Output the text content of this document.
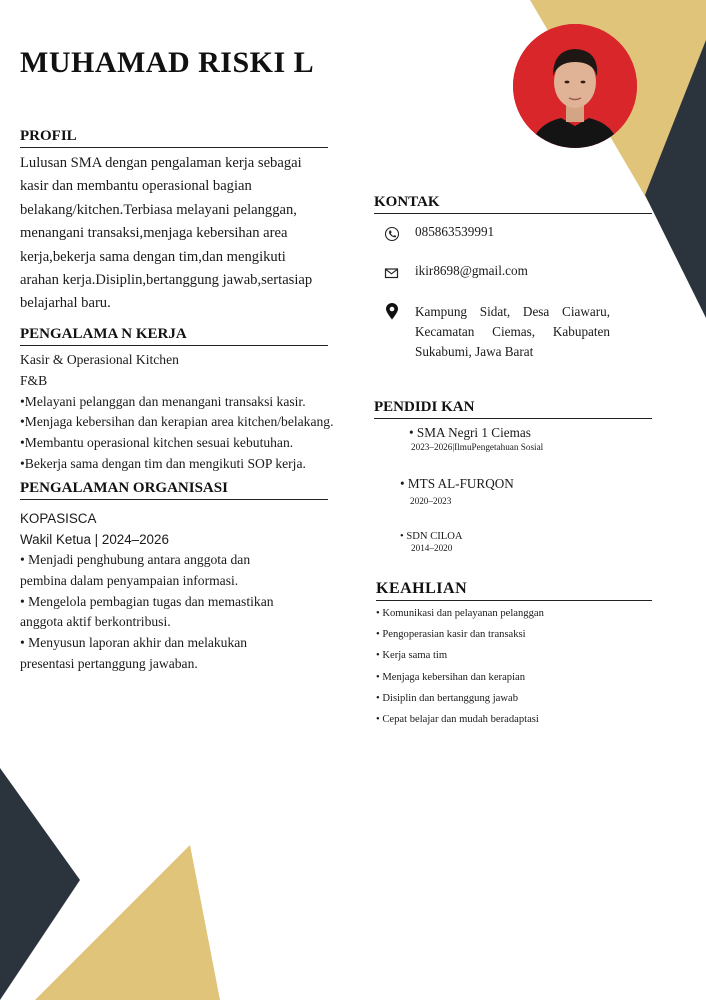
MUHAMAD RISKI L
PROFIL
Lulusan SMA dengan pengalaman kerja sebagai
kasir dan membantu operasional bagian
belakang/kitchen.Terbiasa melayani pelanggan,
menangani transaksi,menjaga kebersihan area
kerja,bekerja sama dengan tim,dan mengikuti
arahan kerja.Disiplin,bertanggung jawab,sertasiap
belajarhal baru.
PENGALAMA N KERJA
Kasir & Operasional Kitchen
F&B
•Melayani pelanggan dan menangani transaksi kasir.
•Menjaga kebersihan dan kerapian area kitchen/belakang.
•Membantu operasional kitchen sesuai kebutuhan.
•Bekerja sama dengan tim dan mengikuti SOP kerja.
PENGALAMAN ORGANISASI
KOPASISCA
Wakil Ketua | 2024–2026
• Menjadi penghubung antara anggota dan
pembina dalam penyampaian informasi.
• Mengelola pembagian tugas dan memastikan
anggota aktif berkontribusi.
• Menyusun laporan akhir dan melakukan
presentasi pertanggung jawaban.
KONTAK
085863539991
ikir8698@gmail.com
Kampung Sidat, Desa Ciawaru, Kecamatan Ciemas, Kabupaten Sukabumi, Jawa Barat
PENDIDI KAN
• SMA Negri 1 Ciemas
2023–2026|IlmuPengetahuan Sosial
• MTS AL-FURQON
2020–2023
• SDN CILOA
2014–2020
KEAHLIAN
• Komunikasi dan pelayanan pelanggan
• Pengoperasian kasir dan transaksi
• Kerja sama tim
• Menjaga kebersihan dan kerapian
• Disiplin dan bertanggung jawab
• Cepat belajar dan mudah beradaptasi
